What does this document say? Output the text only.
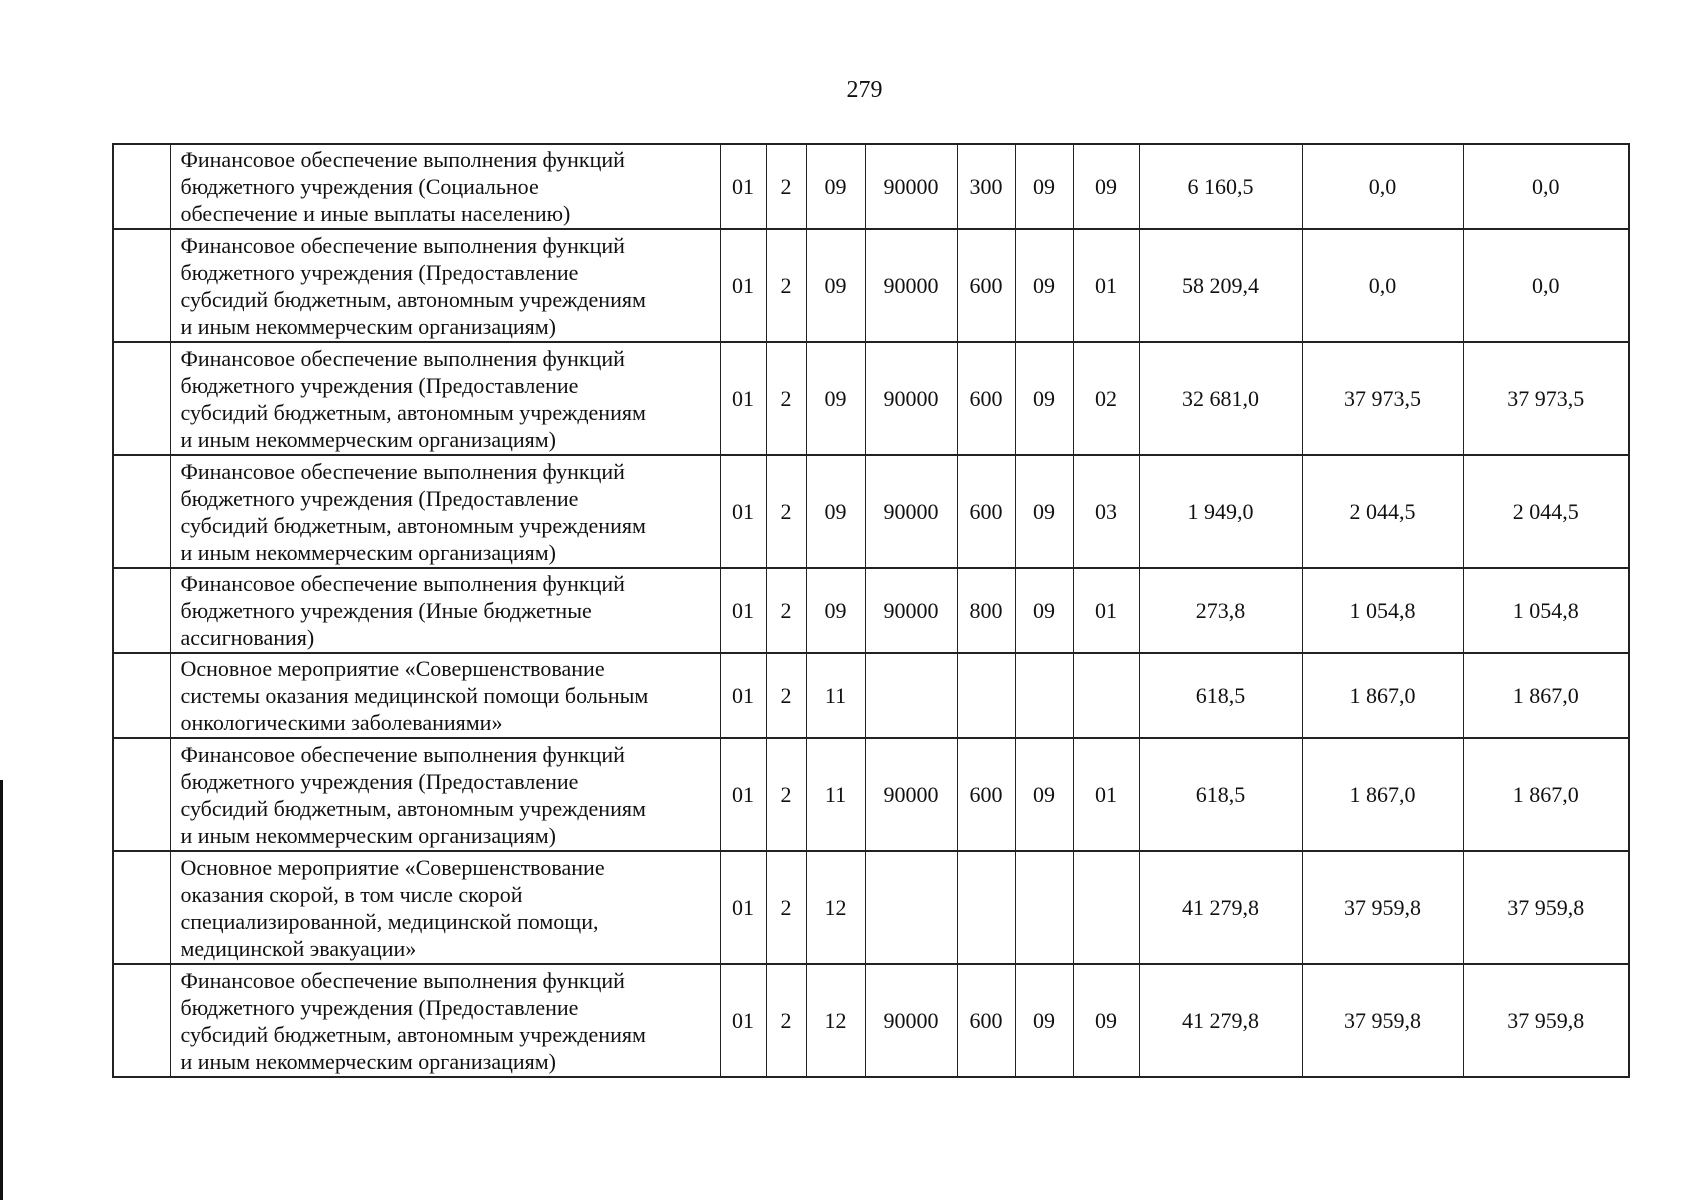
279
	Финансовое обеспечение выполнения функций
бюджетного учреждения (Социальное
обеспечение и иные выплаты населению)	01	2	09	90000	300	09	09	6 160,5	0,0	0,0
	Финансовое обеспечение выполнения функций
бюджетного учреждения (Предоставление
субсидий бюджетным, автономным учреждениям
и иным некоммерческим организациям)	01	2	09	90000	600	09	01	58 209,4	0,0	0,0
	Финансовое обеспечение выполнения функций
бюджетного учреждения (Предоставление
субсидий бюджетным, автономным учреждениям
и иным некоммерческим организациям)	01	2	09	90000	600	09	02	32 681,0	37 973,5	37 973,5
	Финансовое обеспечение выполнения функций
бюджетного учреждения (Предоставление
субсидий бюджетным, автономным учреждениям
и иным некоммерческим организациям)	01	2	09	90000	600	09	03	1 949,0	2 044,5	2 044,5
	Финансовое обеспечение выполнения функций
бюджетного учреждения (Иные бюджетные
ассигнования)	01	2	09	90000	800	09	01	273,8	1 054,8	1 054,8
	Основное мероприятие «Совершенствование
системы оказания медицинской помощи больным
онкологическими заболеваниями»	01	2	11					618,5	1 867,0	1 867,0
	Финансовое обеспечение выполнения функций
бюджетного учреждения (Предоставление
субсидий бюджетным, автономным учреждениям
и иным некоммерческим организациям)	01	2	11	90000	600	09	01	618,5	1 867,0	1 867,0
	Основное мероприятие «Совершенствование
оказания скорой, в том числе скорой
специализированной, медицинской помощи,
медицинской эвакуации»	01	2	12					41 279,8	37 959,8	37 959,8
	Финансовое обеспечение выполнения функций
бюджетного учреждения (Предоставление
субсидий бюджетным, автономным учреждениям
и иным некоммерческим организациям)	01	2	12	90000	600	09	09	41 279,8	37 959,8	37 959,8
